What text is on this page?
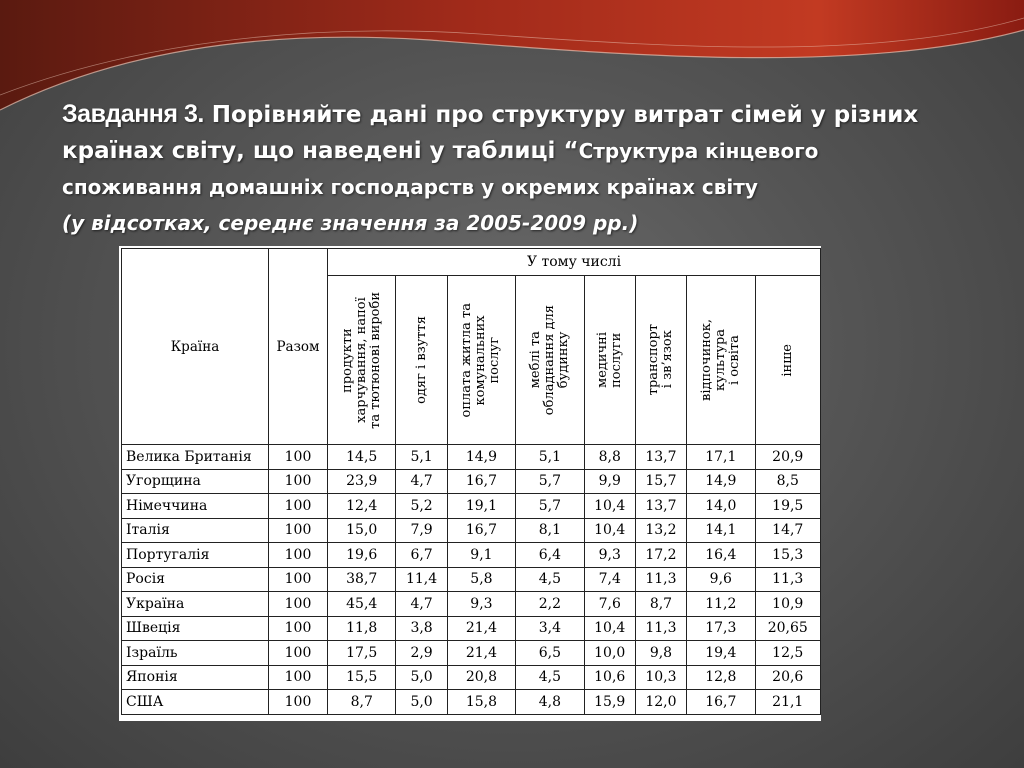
Завдання 3. Порівняйте дані про структуру витрат сімей у різних країнах світу, що наведені у таблиці “Структура кінцевого споживання домашніх господарств у окремих країнах світу
(у відсотках, середнє значення за 2005-2009 рр.)
Країна	Разом	У тому числі							

		продукти
харчування, напої
та тютюнові вироби	одяг і взуття	оплата житла та
комунальних
послуг	меблі та
обладнання для
будинку	медичні
послуги	транспорт
і зв’язок	відпочинок,
культура
і освіта	інше

Велика Британія	100	14,5	5,1	14,9	5,1	8,8	13,7	17,1	20,9
Угорщина	100	23,9	4,7	16,7	5,7	9,9	15,7	14,9	8,5
Німеччина	100	12,4	5,2	19,1	5,7	10,4	13,7	14,0	19,5
Італія	100	15,0	7,9	16,7	8,1	10,4	13,2	14,1	14,7
Португалія	100	19,6	6,7	9,1	6,4	9,3	17,2	16,4	15,3
Росія	100	38,7	11,4	5,8	4,5	7,4	11,3	9,6	11,3
Україна	100	45,4	4,7	9,3	2,2	7,6	8,7	11,2	10,9
Швеція	100	11,8	3,8	21,4	3,4	10,4	11,3	17,3	20,65
Ізраїль	100	17,5	2,9	21,4	6,5	10,0	9,8	19,4	12,5
Японія	100	15,5	5,0	20,8	4,5	10,6	10,3	12,8	20,6
США	100	8,7	5,0	15,8	4,8	15,9	12,0	16,7	21,1
